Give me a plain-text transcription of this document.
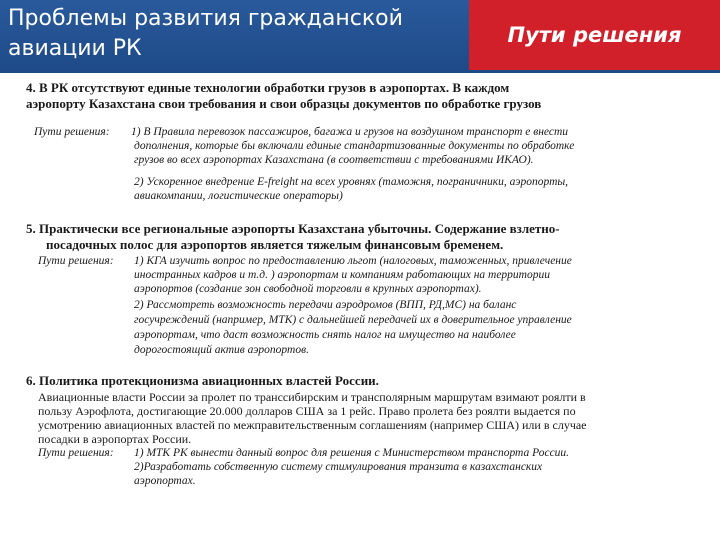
Проблемы развития гражданской
авиации РК
Пути решения
4. В РК отсутствуют единые технологии обработки грузов в аэропортах. В каждом
аэропорту Казахстана свои требования и свои образцы документов по обработке грузов
Пути решения: 1) В Правила перевозок пассажиров, багажа и грузов на воздушном транспорт е внести
дополнения, которые бы включали единые стандартизованные документы по обработке
грузов во всех аэропортах Казахстана (в соответствии с требованиями ИКАО).
2) Ускоренное внедрение E-freight на всех уровнях (таможня, пограничники, аэропорты,
авиакомпании, логистические операторы)
5. Практически все региональные аэропорты Казахстана убыточны. Содержание взлетно-
посадочных полос для аэропортов является тяжелым финансовым бременем.
Пути решения: 1) КГА изучить вопрос по предоставлению льгот (налоговых, таможенных, привлечение
иностранных кадров и т.д. ) аэропортам и компаниям работающих на территории
аэропортов (создание зон свободной торговли в крупных аэропортах).
2) Рассмотреть возможность передачи аэродромов (ВПП, РД,МС) на баланс
госучреждений (например, МТК) с дальнейшей передачей их в доверительное управление
аэропортам, что даст возможность снять налог на имущество на наиболее
дорогостоящий актив аэропортов.
6. Политика протекционизма авиационных властей России.
Авиационные власти России за пролет по транссибирским и трансполярным маршрутам взимают роялти в
пользу Аэрофлота, достигающие 20.000 долларов США за 1 рейс. Право пролета без роялти выдается по
усмотрению авиационных властей по межправительственным соглашениям (например США) или в случае
посадки в аэропортах России.
Пути решения: 1) МТК РК вынести данный вопрос для решения с Министерством транспорта России.
2)Разработать собственную систему стимулирования транзита в казахстанских
аэропортах.
